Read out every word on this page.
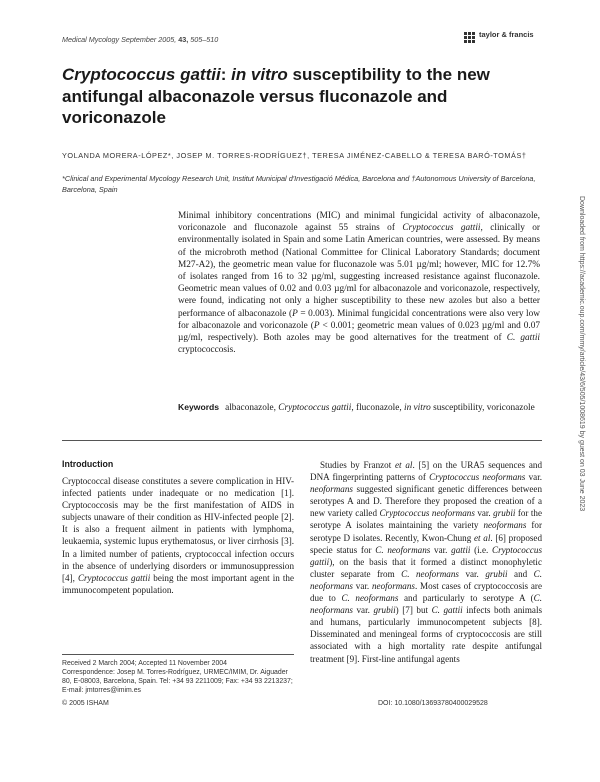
Medical Mycology September 2005, 43, 505–510
taylor & francis
Cryptococcus gattii: in vitro susceptibility to the new antifungal albaconazole versus fluconazole and voriconazole
YOLANDA MORERA-LÓPEZ*, JOSEP M. TORRES-RODRÍGUEZ†, TERESA JIMÉNEZ-CABELLO & TERESA BARÓ-TOMÁS†
*Clinical and Experimental Mycology Research Unit, Institut Municipal d'Investigació Médica, Barcelona and †Autonomous University of Barcelona, Barcelona, Spain
Minimal inhibitory concentrations (MIC) and minimal fungicidal activity of albaconazole, voriconazole and fluconazole against 55 strains of Cryptococcus gattii, clinically or environmentally isolated in Spain and some Latin American countries, were assessed. By means of the microbroth method (National Committee for Clinical Laboratory Standards; document M27-A2), the geometric mean value for fluconazole was 5.01 µg/ml; however, MIC for 12.7% of isolates ranged from 16 to 32 µg/ml, suggesting increased resistance against fluconazole. Geometric mean values of 0.02 and 0.03 µg/ml for albaconazole and voriconazole, respectively, were found, indicating not only a higher susceptibility to these new azoles but also a better performance of albaconazole (P = 0.003). Minimal fungicidal concentrations were also very low for albaconazole and voriconazole (P < 0.001; geometric mean values of 0.023 µg/ml and 0.07 µg/ml, respectively). Both azoles may be good alternatives for the treatment of C. gattii cryptococcosis.
Keywords albaconazole, Cryptococcus gattii, fluconazole, in vitro susceptibility, voriconazole
Introduction
Cryptococcal disease constitutes a severe complication in HIV-infected patients under inadequate or no medication [1]. Cryptococcosis may be the first manifestation of AIDS in subjects unaware of their condition as HIV-infected people [2]. It is also a frequent ailment in patients with lymphoma, leukaemia, systemic lupus erythematosus, or liver cirrhosis [3]. In a limited number of patients, cryptococcal infection occurs in the absence of underlying disorders or immunosuppression [4], Cryptococcus gattii being the most important agent in the immunocompetent population.
Studies by Franzot et al. [5] on the URA5 sequences and DNA fingerprinting patterns of Cryptococcus neoformans var. neoformans suggested significant genetic differences between serotypes A and D. Therefore they proposed the creation of a new variety called Cryptococcus neoformans var. grubii for the serotype A isolates maintaining the variety neoformans for serotype D isolates. Recently, Kwon-Chung et al. [6] proposed specie status for C. neoformans var. gattii (i.e. Cryptococcus gattii), on the basis that it formed a distinct monophyletic cluster separate from C. neoformans var. grubii and C. neoformans var. neoformans. Most cases of cryptococcosis are due to C. neoformans and particularly to serotype A (C. neoformans var. grubii) [7] but C. gattii infects both animals and humans, particularly immunocompetent subjects [8]. Disseminated and meningeal forms of cryptococcosis are still associated with a high mortality rate despite antifungal treatment [9]. First-line antifungal agents
Received 2 March 2004; Accepted 11 November 2004
Correspondence: Josep M. Torres-Rodríguez, URMEC/IMIM, Dr. Aiguader 80, E-08003, Barcelona, Spain. Tel: +34 93 2211009; Fax: +34 93 2213237; E-mail: jmtorres@imim.es
© 2005 ISHAM	DOI: 10.1080/13693780400029528
Downloaded from https://academic.oup.com/mmy/article/43/6/505/1008619 by guest on 03 June 2023
